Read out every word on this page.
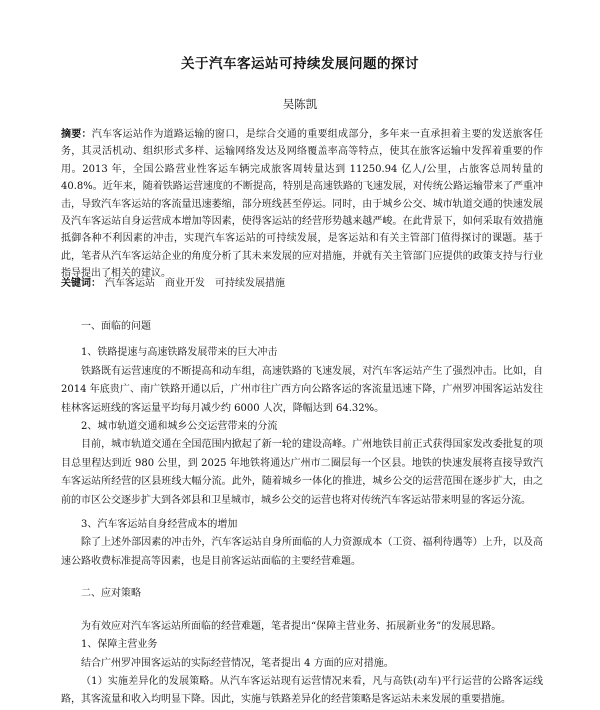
关于汽车客运站可持续发展问题的探讨
吴陈凯
摘要：汽车客运站作为道路运输的窗口，是综合交通的重要组成部分，多年来一直承担着主要的发送旅客任务，其灵活机动、组织形式多样、运输网络发达及网络覆盖率高等特点，使其在旅客运输中发挥着重要的作用。2013 年，全国公路营业性客运车辆完成旅客周转量达到 11250.94 亿人/公里，占旅客总周转量的 40.8%。近年来，随着铁路运营速度的不断提高，特别是高速铁路的飞速发展，对传统公路运输带来了严重冲击，导致汽车客运站的客流量迅速萎缩，部分班线甚至停运。同时，由于城乡公交、城市轨道交通的快速发展及汽车客运站自身运营成本增加等因素，使得客运站的经营形势越来越严峻。在此背景下，如何采取有效措施抵御各种不利因素的冲击，实现汽车客运站的可持续发展，是客运站和有关主管部门值得探讨的课题。基于此，笔者从汽车客运站企业的角度分析了其未来发展的应对措施，并就有关主管部门应提供的政策支持与行业指导提出了相关的建议。
关键词： 汽车客运站　商业开发　可持续发展措施

一、面临的问题

1、铁路提速与高速铁路发展带来的巨大冲击

铁路既有运营速度的不断提高和动车组，高速铁路的飞速发展，对汽车客运站产生了强烈冲击。比如，自 2014 年底贵广、南广铁路开通以后，广州市往广西方向公路客运的客流量迅速下降，广州罗冲围客运站发往桂林客运班线的客运量平均每月减少约 6000 人次，降幅达到 64.32%。

2、城市轨道交通和城乡公交运营带来的分流

目前，城市轨道交通在全国范围内掀起了新一轮的建设高峰。广州地铁目前正式获得国家发改委批复的项目总里程达到近 980 公里，到 2025 年地铁将通达广州市二圈层每一个区县。地铁的快速发展将直接导致汽车客运站所经营的区县班线大幅分流。此外，随着城乡一体化的推进，城乡公交的运营范围在逐步扩大，由之前的市区公交逐步扩大到各郊县和卫星城市，城乡公交的运营也将对传统汽车客运站带来明显的客运分流。

3、汽车客运站自身经营成本的增加

除了上述外部因素的冲击外，汽车客运站自身所面临的人力资源成本（工资、福利待遇等）上升，以及高速公路收费标准提高等因素，也是目前客运站面临的主要经营难题。

二、应对策略

为有效应对汽车客运站所面临的经营难题，笔者提出“保障主营业务、拓展新业务”的发展思路。

1、保障主营业务

结合广州罗冲围客运站的实际经营情况，笔者提出 4 方面的应对措施。

（1）实施差异化的发展策略。从汽车客运站现有运营情况来看，凡与高铁(动车)平行运营的公路客运线路，其客流量和收入均明显下降。因此，实施与铁路差异化的经营策略是客运站未来发展的重要措施。
